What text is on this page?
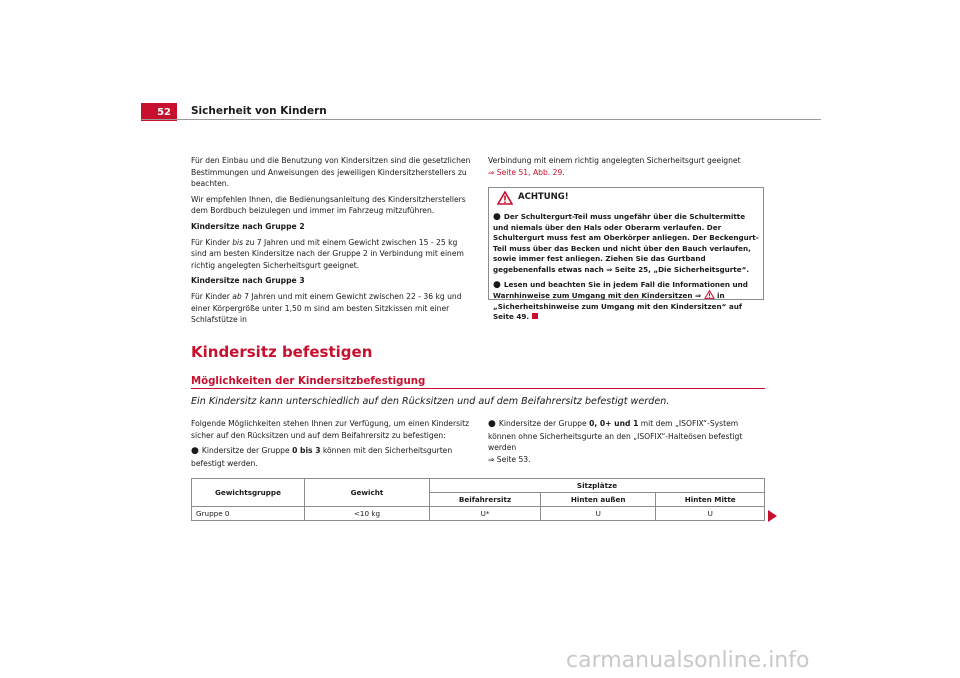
52 Sicherheit von Kindern

Für den Einbau und die Benutzung von Kindersitzen sind die gesetzlichen Bestimmungen und Anweisungen des jeweiligen Kindersitzherstellers zu beachten.

Wir empfehlen Ihnen, die Bedienungsanleitung des Kindersitzherstellers dem Bordbuch beizulegen und immer im Fahrzeug mitzuführen.

Kindersitze nach Gruppe 2

Für Kinder bis zu 7 Jahren und mit einem Gewicht zwischen 15 - 25 kg sind am besten Kindersitze nach der Gruppe 2 in Verbindung mit einem richtig angelegten Sicherheitsgurt geeignet.

Kindersitze nach Gruppe 3

Für Kinder ab 7 Jahren und mit einem Gewicht zwischen 22 - 36 kg und einer Körpergröße unter 1,50 m sind am besten Sitzkissen mit einer Schlafstütze in

Verbindung mit einem richtig angelegten Sicherheitsgurt geeignet
⇒ Seite 51, Abb. 29.

ACHTUNG!

● Der Schultergurt-Teil muss ungefähr über die Schultermitte und niemals über den Hals oder Oberarm verlaufen. Der Schultergurt muss fest am Oberkörper anliegen. Der Beckengurt-Teil muss über das Becken und nicht über den Bauch verlaufen, sowie immer fest anliegen. Ziehen Sie das Gurtband gegebenenfalls etwas nach ⇒ Seite 25, „Die Sicherheitsgurte“.

● Lesen und beachten Sie in jedem Fall die Informationen und Warnhinweise zum Umgang mit den Kindersitzen ⇒  in „Sicherheitshinweise zum Umgang mit den Kindersitzen“ auf Seite 49.

Kindersitz befestigen
Möglichkeiten der Kindersitzbefestigung
Ein Kindersitz kann unterschiedlich auf den Rücksitzen und auf dem Beifahrersitz befestigt werden.

Folgende Möglichkeiten stehen Ihnen zur Verfügung, um einen Kindersitz sicher auf den Rücksitzen und auf dem Beifahrersitz zu befestigen:

● Kindersitze der Gruppe 0 bis 3 können mit den Sicherheitsgurten befestigt werden.

● Kindersitze der Gruppe 0, 0+ und 1 mit dem „ISOFIX“-System können ohne Sicherheitsgurte an den „ISOFIX“-Halteösen befestigt werden
⇒ Seite 53.

Gewichtsgruppe	Gewicht	Sitzplätze		
		Beifahrersitz	Hinten außen	Hinten Mitte
Gruppe 0	<10 kg	U*	U	U
carmanualsonline.info
